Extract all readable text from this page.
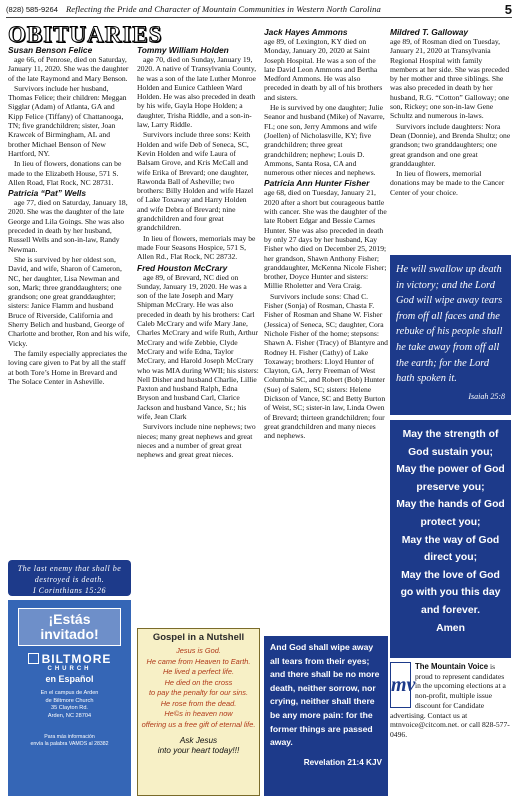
(828) 585-9264 Reflecting the Pride and Character of Mountain Communities in Western North Carolina	5
OBITUARIES
Susan Benson Felice

age 66, of Penrose, died on Saturday, January 11, 2020. She was the daughter of the late Raymond and Mary Benson.

Survivors include her husband, Thomas Felice; their children: Meggan Sigglar (Adam) of Atlanta, GA and Kipp Felice (Tiffany) of Chattanooga, TN; five grandchildren; sister, Joan Krawcek of Birmingham, AL and brother Michael Benson of New Hartford, NY.

In lieu of flowers, donations can be made to the Elizabeth House, 571 S. Allen Road, Flat Rock, NC 28731.

Patricia “Pat” Wells

age 77, died on Saturday, January 18, 2020. She was the daughter of the late George and Lila Goings. She was also preceded in death by her husband, Russell Wells and son-in-law, Randy Newman.

She is survived by her oldest son, David, and wife, Sharon of Cameron, NC, her daughter, Lisa Newman and son, Mark; three granddaughters; one grandson; one great granddaughter; sisters: Janice Flamm and husband Bruce of Riverside, California and Sherry Belich and husband, George of Charlotte and brother, Ron and his wife, Vicky.

The family especially appreciates the loving care given to Pat by all the staff at both Tore’s Home in Brevard and The Solace Center in Asheville.

Tommy William Holden

age 70, died on Sunday, January 19, 2020. A native of Transylvania County, he was a son of the late Luther Monroe Holden and Eunice Cathleen Ward Holden. He was also preceded in death by his wife, Gayla Hope Holden; a daughter, Trisha Riddle, and a son-in-law, Larry Riddle.

Survivors include three sons: Keith Holden and wife Deb of Seneca, SC, Kevin Holden and wife Laura of Balsam Grove, and Kris McCall and wife Erika of Brevard; one daughter, Rawonda Ball of Asheville; two brothers: Billy Holden and wife Hazel of Lake Toxaway and Harry Holden and wife Debra of Brevard; nine grandchildren and four great grandchildren.

In lieu of flowers, memorials may be made Four Seasons Hospice, 571 S, Allen Rd., Flat Rock, NC 28732.

Fred Houston McCrary

age 89, of Brevard, NC died on Sunday, January 19, 2020. He was a son of the late Joseph and Mary Shipman McCrary. He was also preceded in death by his brothers: Carl Caleb McCrary and wife Mary Jane, Charles McCrary and wife Ruth, Arthur McCrary and wife Zebbie, Clyde McCrary and wife Edna, Taylor McCrary, and Harold Joseph McCrary who was MIA during WWII; his sisters: Nell Disher and husband Charlie, Lillie Paxton and husband Ralph, Edna Bryson and husband Carl, Clarice Jackson and husband Vance, Sr.; his wife, Jean Clark

Survivors include nine nephews; two nieces; many great nephews and great nieces and a number of great great nephews and great great nieces.

Jack Hayes Ammons

age 89, of Lexington, KY died on Monday, January 20, 2020 at Saint Joseph Hospital. He was a son of the late David Leon Ammons and Bertha Medford Ammons. He was also preceded in death by all of his brothers and sisters.

He is survived by one daughter; Julie Seanor and husband (Mike) of Navarre, FL; one son, Jerry Ammons and wife (Joellen) of Nicholasville, KY; five grandchildren; three great grandchildren; nephew; Louis D. Ammons, Santa Rosa, CA and numerous other nieces and nephews.

Patricia Ann Hunter Fisher

age 68, died on Tuesday, January 21, 2020 after a short but courageous battle with cancer. She was the daughter of the late Robert Edgar and Bessie Carnes Hunter. She was also preceded in death by only 27 days by her husband, Kay Fisher who died on December 25, 2019; her grandson, Shawn Anthony Fisher; granddaughter, McKenna Nicole Fisher; brother, Doyce Hunter and sisters: Millie Rholetter and Vera Craig.

Survivors include sons: Chad C. Fisher (Sonja) of Rosman, Chasta F. Fisher of Rosman and Shane W. Fisher (Jessica) of Seneca, SC; daughter, Cora Nichole Fisher of the home; stepsons: Shawn A. Fisher (Tracy) of Blantyre and Rodney H. Fisher (Cathy) of Lake Toxaway; brothers: Lloyd Hunter of Clayton, GA, Jerry Freeman of West Columbia SC, and Robert (Bob) Hunter (Sue) of Salem, SC; sisters: Helene Dickson of Vance, SC and Betty Burton of Weist, SC; sister-in law, Linda Owen of Brevard; thirteen grandchildren; four great grandchildren and many nieces and nephews.

Mildred T. Galloway

age 89, of Rosman died on Tuesday, January 21, 2020 at Transylvania Regional Hospital with family members at her side. She was preceded by her mother and three siblings. She was also preceded in death by her husband, R.G. “Cotton” Galloway; one son, Rickey; one son-in-law Gene Schultz and numerous in-laws.

Survivors include daughters: Nora Dean (Donnie), and Brenda Shultz; one grandson; two granddaughters; one great grandson and one great granddaughter.

In lieu of flowers, memorial donations may be made to the Cancer Center of your choice.

The last enemy that shall be destroyed is death.
I Corinthians 15:26
¡Estás invitado!
BILTMORE
CHURCH
en Español
En el campus de Arden
de Biltmore Church
35 Clayton Rd.
Arden, NC 28704
Para más información
envía la palabra VAMOS al 28382
Gospel in a Nutshell
Jesus is God.
He came from Heaven to Earth.
He lived a perfect life.
He died on the cross
to pay the penalty for our sins.
He rose from the dead.
He©s in heaven now
offering us a free gift of eternal life.
Ask Jesus
into your heart today!!!
And God shall wipe away all tears from their eyes; and there shall be no more death, neither sorrow, nor crying, neither shall there be any more pain: for the former things are passed away.
Revelation 21:4 KJV
He will swallow up death in victory; and the Lord God will wipe away tears from off all faces and the rebuke of his people shall he take away from off all the earth; for the Lord hath spoken it.
Isaiah 25:8
May the strength of God sustain you;
May the power of God preserve you;
May the hands of God protect you;
May the way of God direct you;
May the love of God go with you this day and forever.
Amen
mv
The Mountain Voice is proud to represent candidates in the upcoming elections at a non-profit, multiple issue discount for Candidate advertising. Contact us at mtnvoice@citcom.net. or call 828-577-0496.
